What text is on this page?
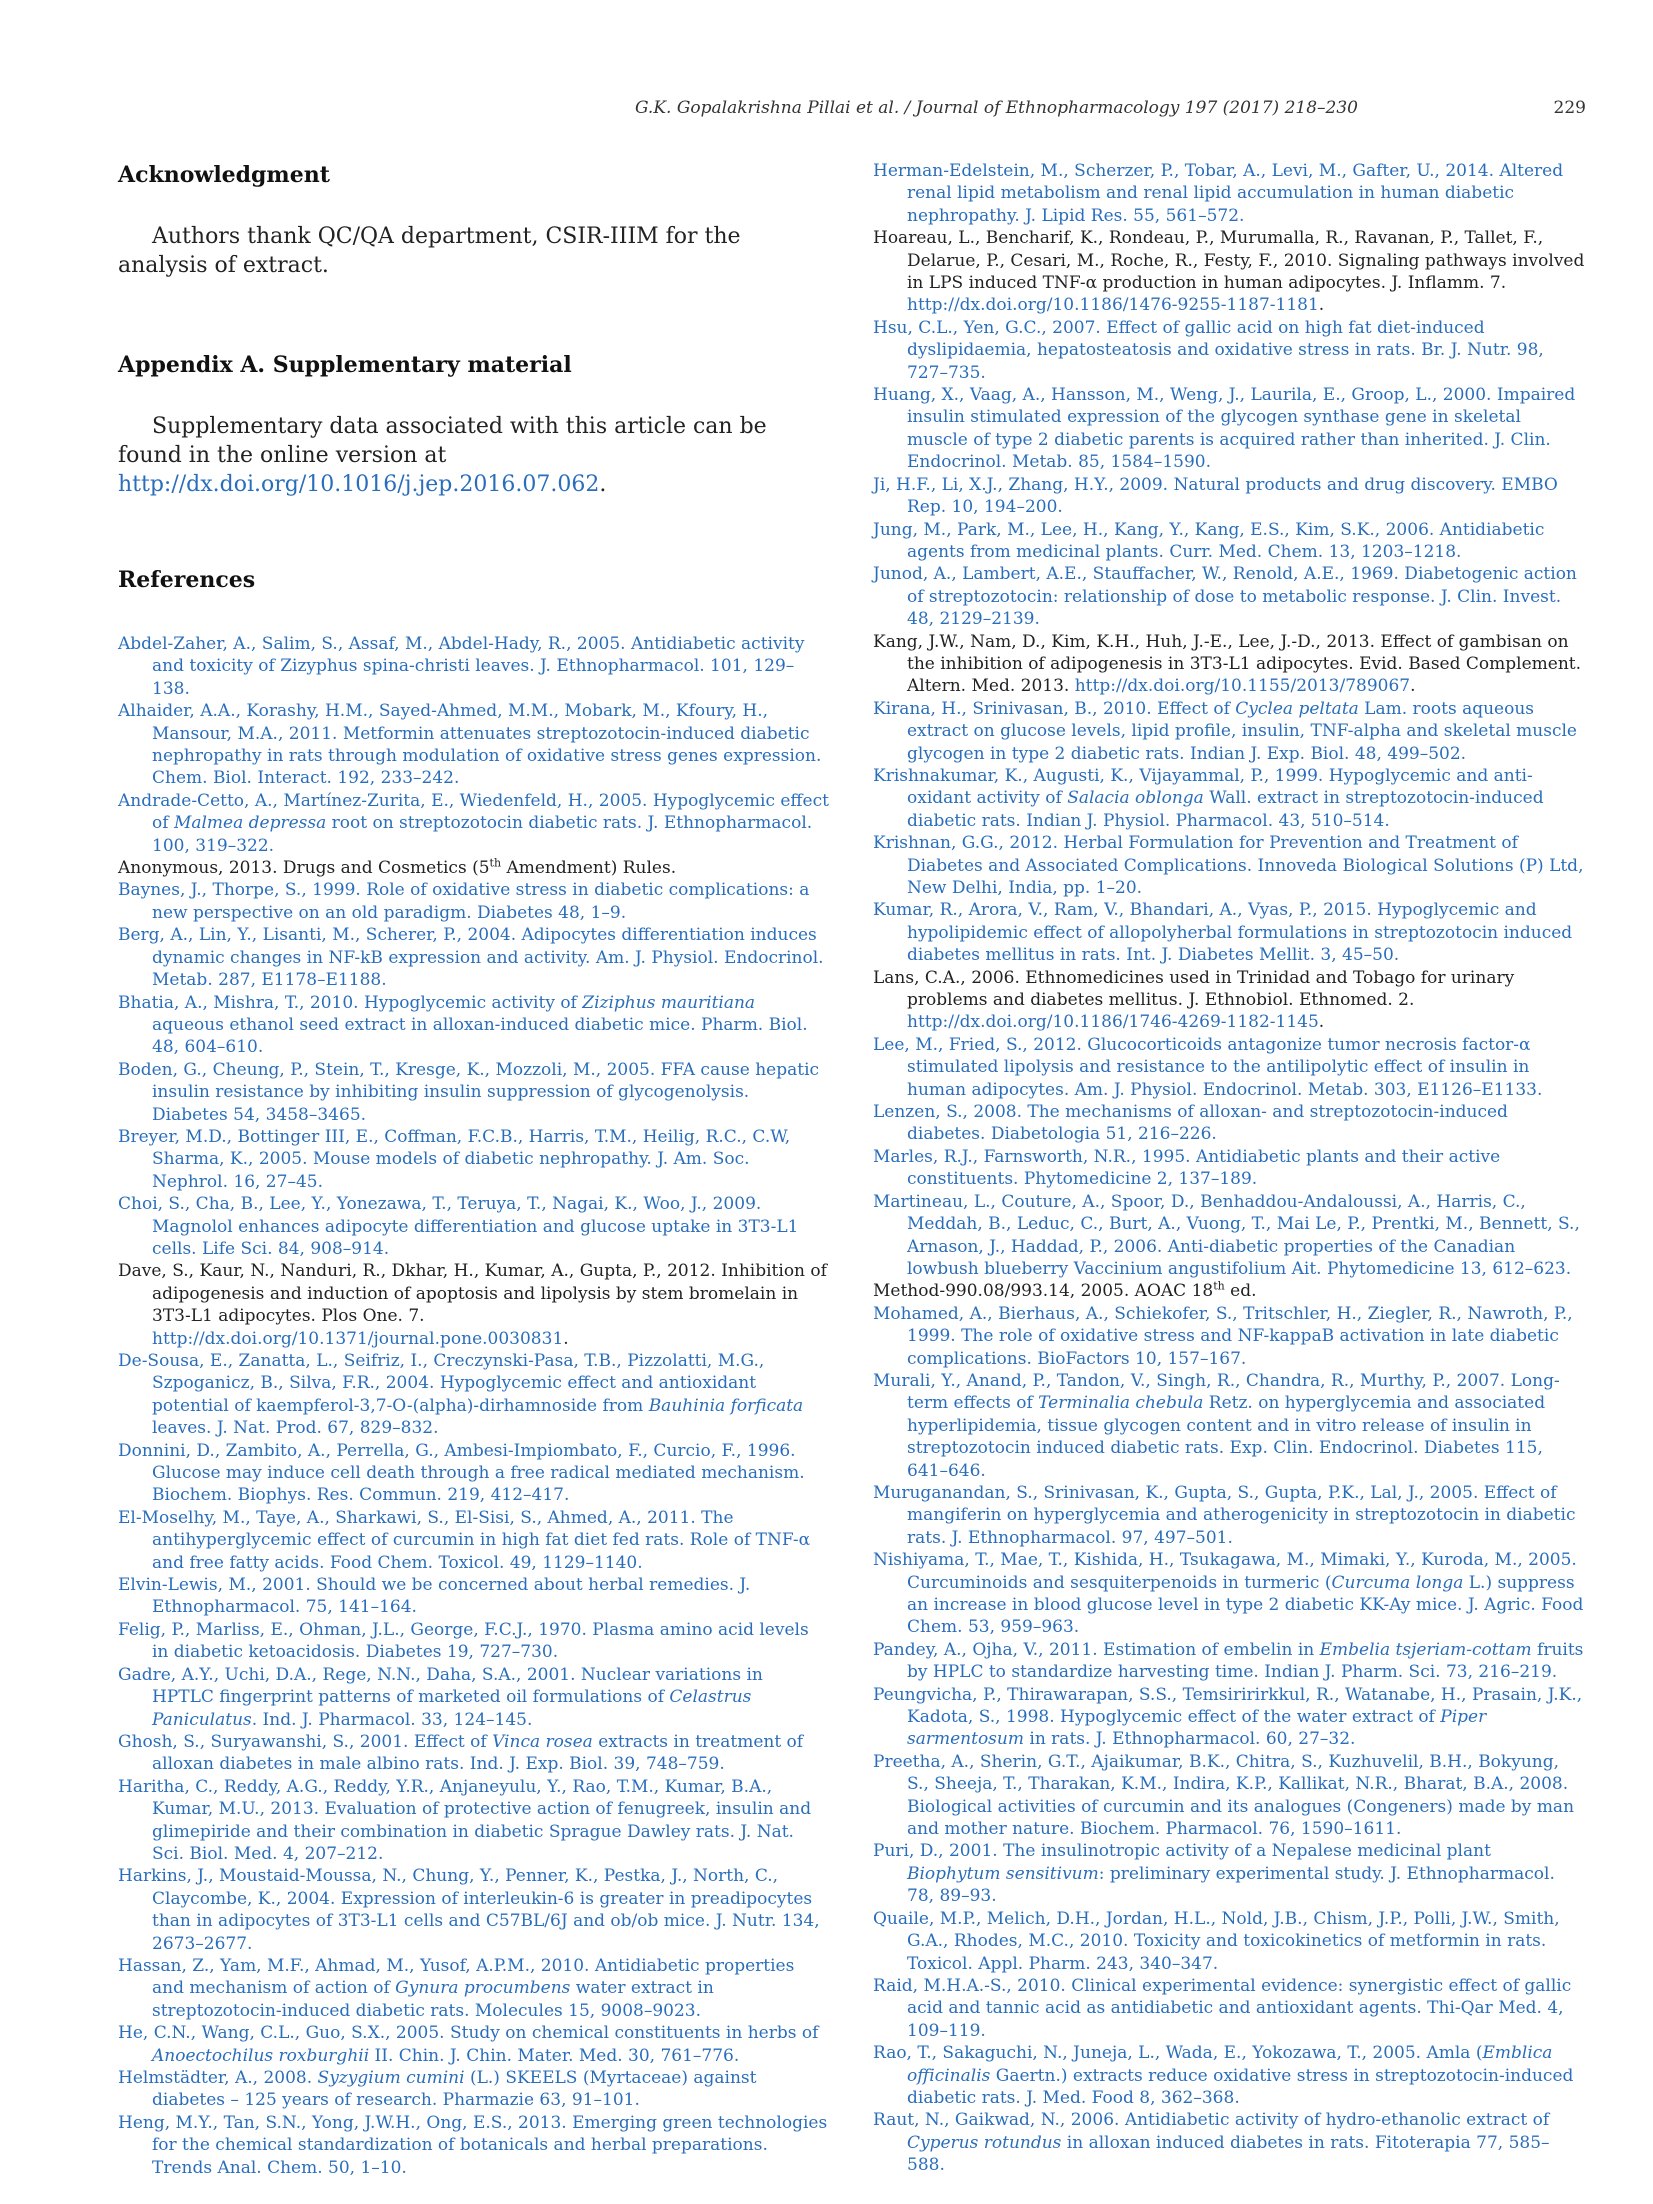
G.K. Gopalakrishna Pillai et al. / Journal of Ethnopharmacology 197 (2017) 218–230	229
Acknowledgment

Authors thank QC/QA department, CSIR-IIIM for the analysis of extract.

Appendix A. Supplementary material

Supplementary data associated with this article can be found in the online version at http://dx.doi.org/10.1016/j.jep.2016.07.062.

References

Abdel-Zaher, A., Salim, S., Assaf, M., Abdel-Hady, R., 2005. Antidiabetic activity and toxicity of Zizyphus spina-christi leaves. J. Ethnopharmacol. 101, 129–138.

Alhaider, A.A., Korashy, H.M., Sayed-Ahmed, M.M., Mobark, M., Kfoury, H., Mansour, M.A., 2011. Metformin attenuates streptozotocin-induced diabetic nephropathy in rats through modulation of oxidative stress genes expression. Chem. Biol. Interact. 192, 233–242.

Andrade-Cetto, A., Martínez-Zurita, E., Wiedenfeld, H., 2005. Hypoglycemic effect of Malmea depressa root on streptozotocin diabetic rats. J. Ethnopharmacol. 100, 319–322.

Anonymous, 2013. Drugs and Cosmetics (5th Amendment) Rules.

Baynes, J., Thorpe, S., 1999. Role of oxidative stress in diabetic complications: a new perspective on an old paradigm. Diabetes 48, 1–9.

Berg, A., Lin, Y., Lisanti, M., Scherer, P., 2004. Adipocytes differentiation induces dynamic changes in NF-kB expression and activity. Am. J. Physiol. Endocrinol. Metab. 287, E1178–E1188.

Bhatia, A., Mishra, T., 2010. Hypoglycemic activity of Ziziphus mauritiana aqueous ethanol seed extract in alloxan-induced diabetic mice. Pharm. Biol. 48, 604–610.

Boden, G., Cheung, P., Stein, T., Kresge, K., Mozzoli, M., 2005. FFA cause hepatic insulin resistance by inhibiting insulin suppression of glycogenolysis. Diabetes 54, 3458–3465.

Breyer, M.D., Bottinger III, E., Coffman, F.C.B., Harris, T.M., Heilig, R.C., C.W, Sharma, K., 2005. Mouse models of diabetic nephropathy. J. Am. Soc. Nephrol. 16, 27–45.

Choi, S., Cha, B., Lee, Y., Yonezawa, T., Teruya, T., Nagai, K., Woo, J., 2009. Magnolol enhances adipocyte differentiation and glucose uptake in 3T3-L1 cells. Life Sci. 84, 908–914.

Dave, S., Kaur, N., Nanduri, R., Dkhar, H., Kumar, A., Gupta, P., 2012. Inhibition of adipogenesis and induction of apoptosis and lipolysis by stem bromelain in 3T3-L1 adipocytes. Plos One. 7. http://dx.doi.org/10.1371/journal.pone.0030831.

De-Sousa, E., Zanatta, L., Seifriz, I., Creczynski-Pasa, T.B., Pizzolatti, M.G., Szpoganicz, B., Silva, F.R., 2004. Hypoglycemic effect and antioxidant potential of kaempferol-3,7-O-(alpha)-dirhamnoside from Bauhinia forficata leaves. J. Nat. Prod. 67, 829–832.

Donnini, D., Zambito, A., Perrella, G., Ambesi-Impiombato, F., Curcio, F., 1996. Glucose may induce cell death through a free radical mediated mechanism. Biochem. Biophys. Res. Commun. 219, 412–417.

El-Moselhy, M., Taye, A., Sharkawi, S., El-Sisi, S., Ahmed, A., 2011. The antihyperglycemic effect of curcumin in high fat diet fed rats. Role of TNF-α and free fatty acids. Food Chem. Toxicol. 49, 1129–1140.

Elvin-Lewis, M., 2001. Should we be concerned about herbal remedies. J. Ethnopharmacol. 75, 141–164.

Felig, P., Marliss, E., Ohman, J.L., George, F.C.J., 1970. Plasma amino acid levels in diabetic ketoacidosis. Diabetes 19, 727–730.

Gadre, A.Y., Uchi, D.A., Rege, N.N., Daha, S.A., 2001. Nuclear variations in HPTLC fingerprint patterns of marketed oil formulations of Celastrus Paniculatus. Ind. J. Pharmacol. 33, 124–145.

Ghosh, S., Suryawanshi, S., 2001. Effect of Vinca rosea extracts in treatment of alloxan diabetes in male albino rats. Ind. J. Exp. Biol. 39, 748–759.

Haritha, C., Reddy, A.G., Reddy, Y.R., Anjaneyulu, Y., Rao, T.M., Kumar, B.A., Kumar, M.U., 2013. Evaluation of protective action of fenugreek, insulin and glimepiride and their combination in diabetic Sprague Dawley rats. J. Nat. Sci. Biol. Med. 4, 207–212.

Harkins, J., Moustaid-Moussa, N., Chung, Y., Penner, K., Pestka, J., North, C., Claycombe, K., 2004. Expression of interleukin-6 is greater in preadipocytes than in adipocytes of 3T3-L1 cells and C57BL/6J and ob/ob mice. J. Nutr. 134, 2673–2677.

Hassan, Z., Yam, M.F., Ahmad, M., Yusof, A.P.M., 2010. Antidiabetic properties and mechanism of action of Gynura procumbens water extract in streptozotocin-induced diabetic rats. Molecules 15, 9008–9023.

He, C.N., Wang, C.L., Guo, S.X., 2005. Study on chemical constituents in herbs of Anoectochilus roxburghii II. Chin. J. Chin. Mater. Med. 30, 761–776.

Helmstädter, A., 2008. Syzygium cumini (L.) SKEELS (Myrtaceae) against diabetes – 125 years of research. Pharmazie 63, 91–101.

Heng, M.Y., Tan, S.N., Yong, J.W.H., Ong, E.S., 2013. Emerging green technologies for the chemical standardization of botanicals and herbal preparations. Trends Anal. Chem. 50, 1–10.

Herman-Edelstein, M., Scherzer, P., Tobar, A., Levi, M., Gafter, U., 2014. Altered renal lipid metabolism and renal lipid accumulation in human diabetic nephropathy. J. Lipid Res. 55, 561–572.

Hoareau, L., Bencharif, K., Rondeau, P., Murumalla, R., Ravanan, P., Tallet, F., Delarue, P., Cesari, M., Roche, R., Festy, F., 2010. Signaling pathways involved in LPS induced TNF-α production in human adipocytes. J. Inflamm. 7. http://dx.doi.org/10.1186/1476-9255-1187-1181.

Hsu, C.L., Yen, G.C., 2007. Effect of gallic acid on high fat diet-induced dyslipidaemia, hepatosteatosis and oxidative stress in rats. Br. J. Nutr. 98, 727–735.

Huang, X., Vaag, A., Hansson, M., Weng, J., Laurila, E., Groop, L., 2000. Impaired insulin stimulated expression of the glycogen synthase gene in skeletal muscle of type 2 diabetic parents is acquired rather than inherited. J. Clin. Endocrinol. Metab. 85, 1584–1590.

Ji, H.F., Li, X.J., Zhang, H.Y., 2009. Natural products and drug discovery. EMBO Rep. 10, 194–200.

Jung, M., Park, M., Lee, H., Kang, Y., Kang, E.S., Kim, S.K., 2006. Antidiabetic agents from medicinal plants. Curr. Med. Chem. 13, 1203–1218.

Junod, A., Lambert, A.E., Stauffacher, W., Renold, A.E., 1969. Diabetogenic action of streptozotocin: relationship of dose to metabolic response. J. Clin. Invest. 48, 2129–2139.

Kang, J.W., Nam, D., Kim, K.H., Huh, J.-E., Lee, J.-D., 2013. Effect of gambisan on the inhibition of adipogenesis in 3T3-L1 adipocytes. Evid. Based Complement. Altern. Med. 2013. http://dx.doi.org/10.1155/2013/789067.

Kirana, H., Srinivasan, B., 2010. Effect of Cyclea peltata Lam. roots aqueous extract on glucose levels, lipid profile, insulin, TNF-alpha and skeletal muscle glycogen in type 2 diabetic rats. Indian J. Exp. Biol. 48, 499–502.

Krishnakumar, K., Augusti, K., Vijayammal, P., 1999. Hypoglycemic and anti-oxidant activity of Salacia oblonga Wall. extract in streptozotocin-induced diabetic rats. Indian J. Physiol. Pharmacol. 43, 510–514.

Krishnan, G.G., 2012. Herbal Formulation for Prevention and Treatment of Diabetes and Associated Complications. Innoveda Biological Solutions (P) Ltd, New Delhi, India, pp. 1–20.

Kumar, R., Arora, V., Ram, V., Bhandari, A., Vyas, P., 2015. Hypoglycemic and hypolipidemic effect of allopolyherbal formulations in streptozotocin induced diabetes mellitus in rats. Int. J. Diabetes Mellit. 3, 45–50.

Lans, C.A., 2006. Ethnomedicines used in Trinidad and Tobago for urinary problems and diabetes mellitus. J. Ethnobiol. Ethnomed. 2. http://dx.doi.org/10.1186/1746-4269-1182-1145.

Lee, M., Fried, S., 2012. Glucocorticoids antagonize tumor necrosis factor-α stimulated lipolysis and resistance to the antilipolytic effect of insulin in human adipocytes. Am. J. Physiol. Endocrinol. Metab. 303, E1126–E1133.

Lenzen, S., 2008. The mechanisms of alloxan- and streptozotocin-induced diabetes. Diabetologia 51, 216–226.

Marles, R.J., Farnsworth, N.R., 1995. Antidiabetic plants and their active constituents. Phytomedicine 2, 137–189.

Martineau, L., Couture, A., Spoor, D., Benhaddou-Andaloussi, A., Harris, C., Meddah, B., Leduc, C., Burt, A., Vuong, T., Mai Le, P., Prentki, M., Bennett, S., Arnason, J., Haddad, P., 2006. Anti-diabetic properties of the Canadian lowbush blueberry Vaccinium angustifolium Ait. Phytomedicine 13, 612–623.

Method-990.08/993.14, 2005. AOAC 18th ed.

Mohamed, A., Bierhaus, A., Schiekofer, S., Tritschler, H., Ziegler, R., Nawroth, P., 1999. The role of oxidative stress and NF-kappaB activation in late diabetic complications. BioFactors 10, 157–167.

Murali, Y., Anand, P., Tandon, V., Singh, R., Chandra, R., Murthy, P., 2007. Long-term effects of Terminalia chebula Retz. on hyperglycemia and associated hyperlipidemia, tissue glycogen content and in vitro release of insulin in streptozotocin induced diabetic rats. Exp. Clin. Endocrinol. Diabetes 115, 641–646.

Muruganandan, S., Srinivasan, K., Gupta, S., Gupta, P.K., Lal, J., 2005. Effect of mangiferin on hyperglycemia and atherogenicity in streptozotocin in diabetic rats. J. Ethnopharmacol. 97, 497–501.

Nishiyama, T., Mae, T., Kishida, H., Tsukagawa, M., Mimaki, Y., Kuroda, M., 2005. Curcuminoids and sesquiterpenoids in turmeric (Curcuma longa L.) suppress an increase in blood glucose level in type 2 diabetic KK-Ay mice. J. Agric. Food Chem. 53, 959–963.

Pandey, A., Ojha, V., 2011. Estimation of embelin in Embelia tsjeriam-cottam fruits by HPLC to standardize harvesting time. Indian J. Pharm. Sci. 73, 216–219.

Peungvicha, P., Thirawarapan, S.S., Temsiririrkkul, R., Watanabe, H., Prasain, J.K., Kadota, S., 1998. Hypoglycemic effect of the water extract of Piper sarmentosum in rats. J. Ethnopharmacol. 60, 27–32.

Preetha, A., Sherin, G.T., Ajaikumar, B.K., Chitra, S., Kuzhuvelil, B.H., Bokyung, S., Sheeja, T., Tharakan, K.M., Indira, K.P., Kallikat, N.R., Bharat, B.A., 2008. Biological activities of curcumin and its analogues (Congeners) made by man and mother nature. Biochem. Pharmacol. 76, 1590–1611.

Puri, D., 2001. The insulinotropic activity of a Nepalese medicinal plant Biophytum sensitivum: preliminary experimental study. J. Ethnopharmacol. 78, 89–93.

Quaile, M.P., Melich, D.H., Jordan, H.L., Nold, J.B., Chism, J.P., Polli, J.W., Smith, G.A., Rhodes, M.C., 2010. Toxicity and toxicokinetics of metformin in rats. Toxicol. Appl. Pharm. 243, 340–347.

Raid, M.H.A.-S., 2010. Clinical experimental evidence: synergistic effect of gallic acid and tannic acid as antidiabetic and antioxidant agents. Thi-Qar Med. 4, 109–119.

Rao, T., Sakaguchi, N., Juneja, L., Wada, E., Yokozawa, T., 2005. Amla (Emblica officinalis Gaertn.) extracts reduce oxidative stress in streptozotocin-induced diabetic rats. J. Med. Food 8, 362–368.

Raut, N., Gaikwad, N., 2006. Antidiabetic activity of hydro-ethanolic extract of Cyperus rotundus in alloxan induced diabetes in rats. Fitoterapia 77, 585–588.
